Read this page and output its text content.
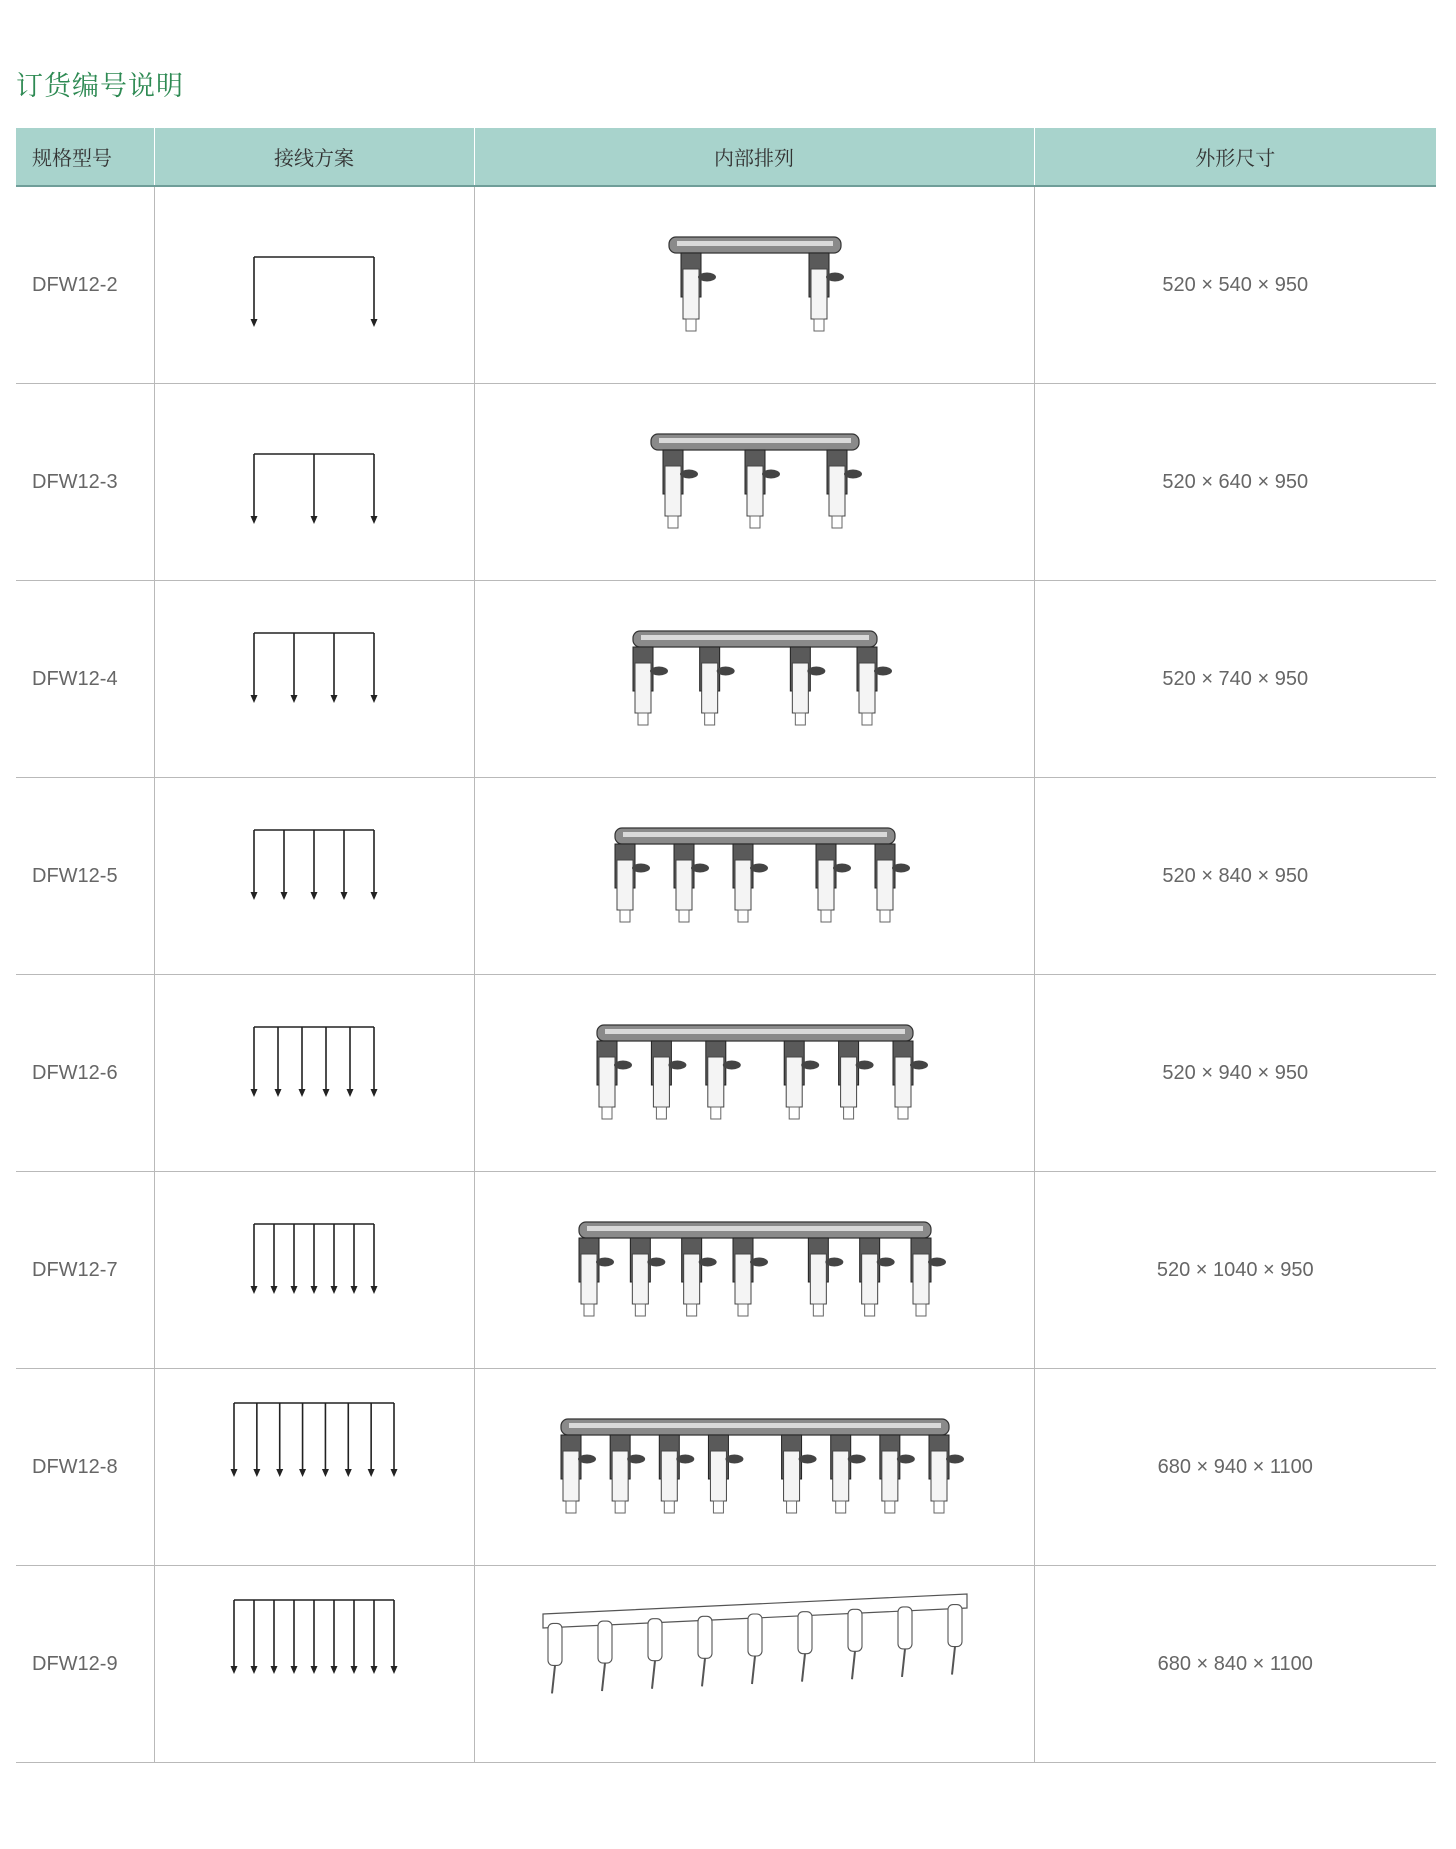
订货编号说明
规格型号	接线方案	内部排列	外形尺寸
DFW12-2			520 × 540 × 950
DFW12-3			520 × 640 × 950
DFW12-4			520 × 740 × 950
DFW12-5			520 × 840 × 950
DFW12-6			520 × 940 × 950
DFW12-7			520 × 1040 × 950
DFW12-8			680 × 940 × 1100
DFW12-9			680 × 840 × 1100
